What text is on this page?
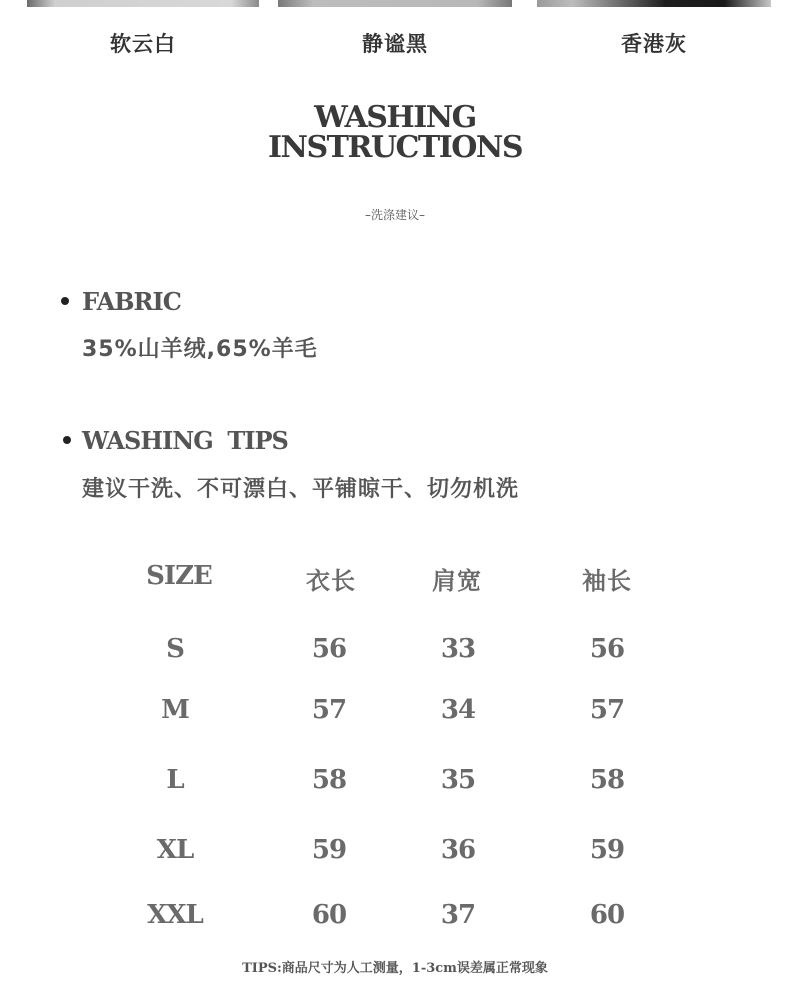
软云白	静谧黑	香港灰
WASHING
INSTRUCTIONS
–洗涤建议–
FABRIC
35%山羊绒,65%羊毛
WASHING  TIPS
建议干洗、不可漂白、平铺晾干、切勿机洗
SIZE	衣长	肩宽	袖长
S	56	33	56
M	57	34	57
L	58	35	58
XL	59	36	59
XXL	60	37	60
TIPS:商品尺寸为人工测量，1-3cm误差属正常现象
